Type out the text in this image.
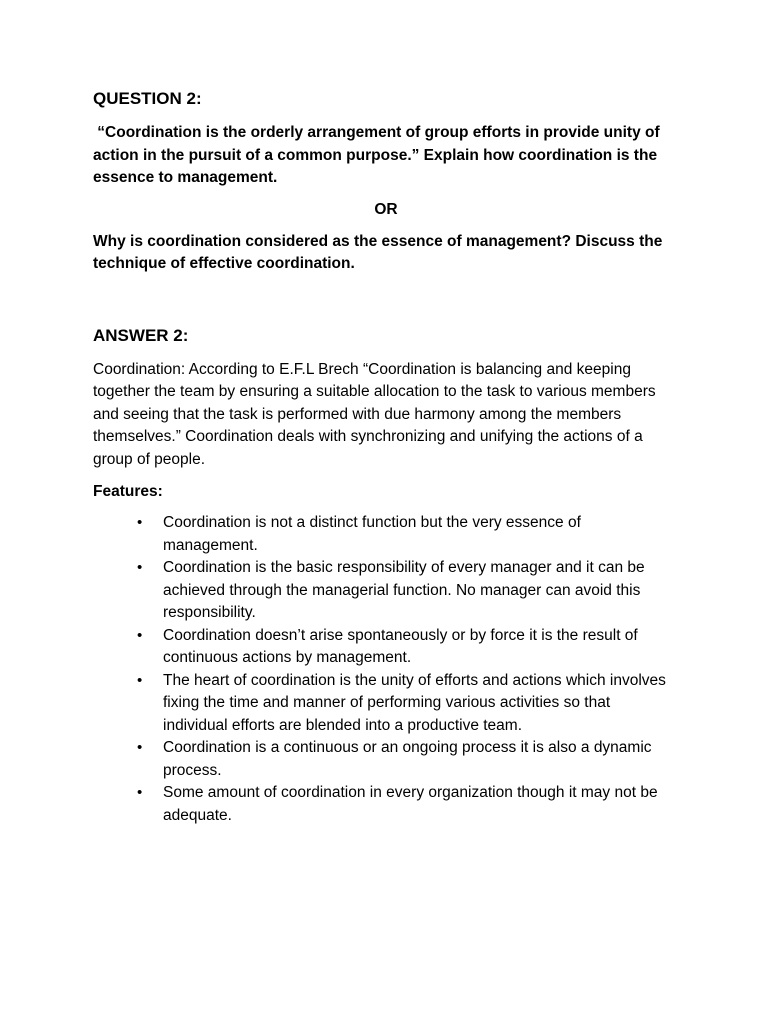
QUESTION 2:

“Coordination is the orderly arrangement of group efforts in provide unity of action in the pursuit of a common purpose.” Explain how coordination is the essence to management.

OR

Why is coordination considered as the essence of management? Discuss the technique of effective coordination.

ANSWER 2:

Coordination: According to E.F.L Brech “Coordination is balancing and keeping together the team by ensuring a suitable allocation to the task to various members and seeing that the task is performed with due harmony among the members themselves.” Coordination deals with synchronizing and unifying the actions of a group of people.

Features:

• Coordination is not a distinct function but the very essence of management.
• Coordination is the basic responsibility of every manager and it can be achieved through the managerial function. No manager can avoid this responsibility.
• Coordination doesn’t arise spontaneously or by force it is the result of continuous actions by management.
• The heart of coordination is the unity of efforts and actions which involves fixing the time and manner of performing various activities so that individual efforts are blended into a productive team.
• Coordination is a continuous or an ongoing process it is also a dynamic process.
• Some amount of coordination in every organization though it may not be adequate.
